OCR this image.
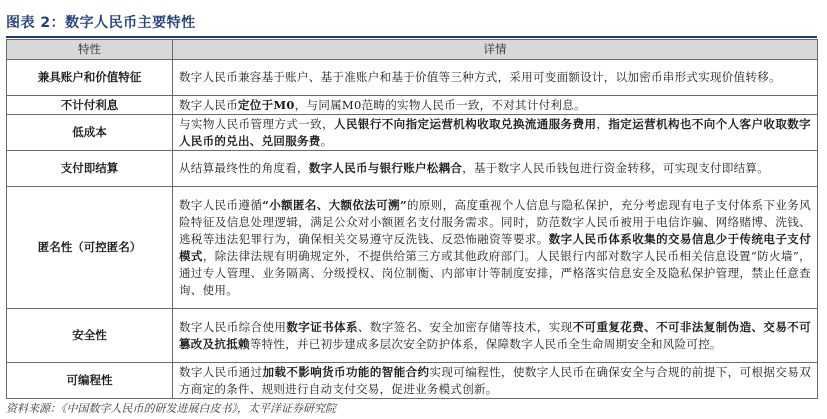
图表 2：数字人民币主要特性
特性	详情
兼具账户和价值特征	数字人民币兼容基于账户、基于准账户和基于价值等三种方式，采用可变面额设计，以加密币串形式实现价值转移。
不计付利息	数字人民币定位于M0，与同属M0范畴的实物人民币一致，不对其计付利息。
低成本	与实物人民币管理方式一致，人民银行不向指定运营机构收取兑换流通服务费用，指定运营机构也不向个人客户收取数字人民币的兑出、兑回服务费。
支付即结算	从结算最终性的角度看，数字人民币与银行账户松耦合，基于数字人民币钱包进行资金转移，可实现支付即结算。
匿名性（可控匿名）	数字人民币遵循“小额匿名、大额依法可溯”的原则，高度重视个人信息与隐私保护，充分考虑现有电子支付体系下业务风险特征及信息处理逻辑，满足公众对小额匿名支付服务需求。同时，防范数字人民币被用于电信诈骗、网络赌博、洗钱、逃税等违法犯罪行为，确保相关交易遵守反洗钱、反恐怖融资等要求。数字人民币体系收集的交易信息少于传统电子支付模式，除法律法规有明确规定外，不提供给第三方或其他政府部门。人民银行内部对数字人民币相关信息设置“防火墙”，通过专人管理、业务隔离、分级授权、岗位制衡、内部审计等制度安排，严格落实信息安全及隐私保护管理，禁止任意查询、使用。
安全性	数字人民币综合使用数字证书体系、数字签名、安全加密存储等技术，实现不可重复花费、不可非法复制伪造、交易不可篡改及抗抵赖等特性，并已初步建成多层次安全防护体系，保障数字人民币全生命周期安全和风险可控。
可编程性	数字人民币通过加载不影响货币功能的智能合约实现可编程性，使数字人民币在确保安全与合规的前提下，可根据交易双方商定的条件、规则进行自动支付交易，促进业务模式创新。
资料来源：《中国数字人民币的研发进展白皮书》，太平洋证券研究院
